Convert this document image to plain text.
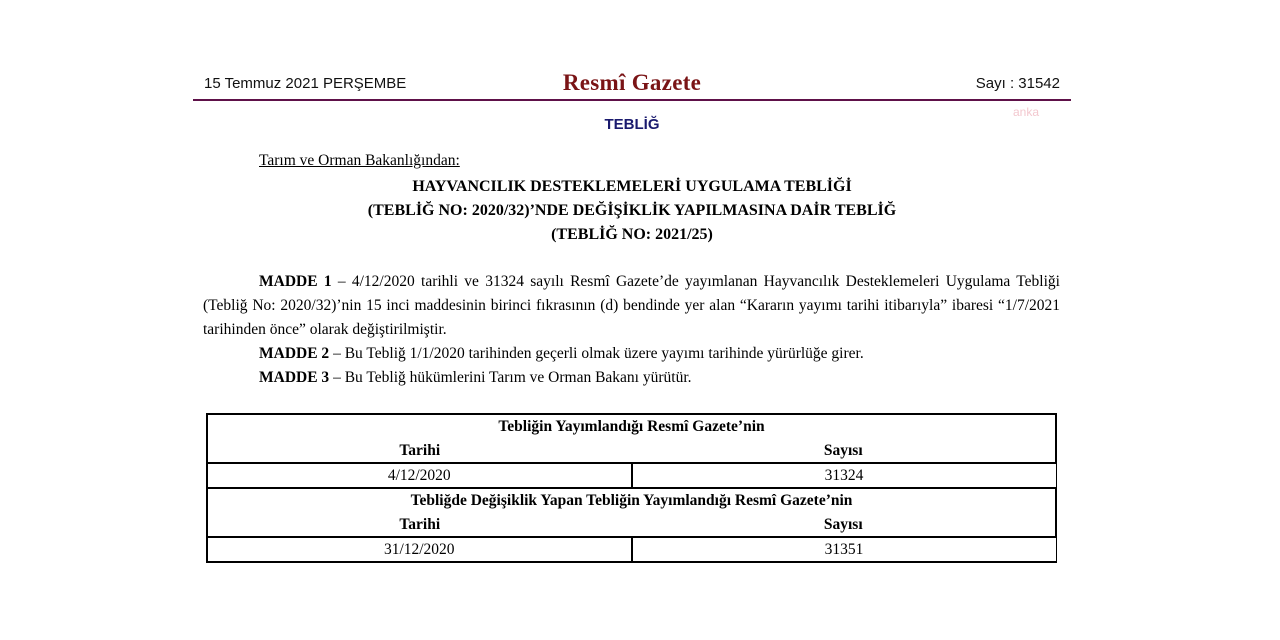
15 Temmuz 2021 PERŞEMBE	Resmî Gazete	Sayı : 31542
TEBLİĞ
anka
Tarım ve Orman Bakanlığından:
HAYVANCILIK DESTEKLEMELERİ UYGULAMA TEBLİĞİ
(TEBLİĞ NO: 2020/32)’NDE DEĞİŞİKLİK YAPILMASINA DAİR TEBLİĞ
(TEBLİĞ NO: 2021/25)

MADDE 1 – 4/12/2020 tarihli ve 31324 sayılı Resmî Gazete’de yayımlanan Hayvancılık Desteklemeleri Uygulama Tebliği (Tebliğ No: 2020/32)’nin 15 inci maddesinin birinci fıkrasının (d) bendinde yer alan “Kararın yayımı tarihi itibarıyla” ibaresi “1/7/2021 tarihinden önce” olarak değiştirilmiştir.

MADDE 2 – Bu Tebliğ 1/1/2020 tarihinden geçerli olmak üzere yayımı tarihinde yürürlüğe girer.

MADDE 3 – Bu Tebliğ hükümlerini Tarım ve Orman Bakanı yürütür.

Tebliğin Yayımlandığı Resmî Gazete’nin	
Tarihi	Sayısı
4/12/2020	31324
Tebliğde Değişiklik Yapan Tebliğin Yayımlandığı Resmî Gazete’nin	
Tarihi	Sayısı
31/12/2020	31351
